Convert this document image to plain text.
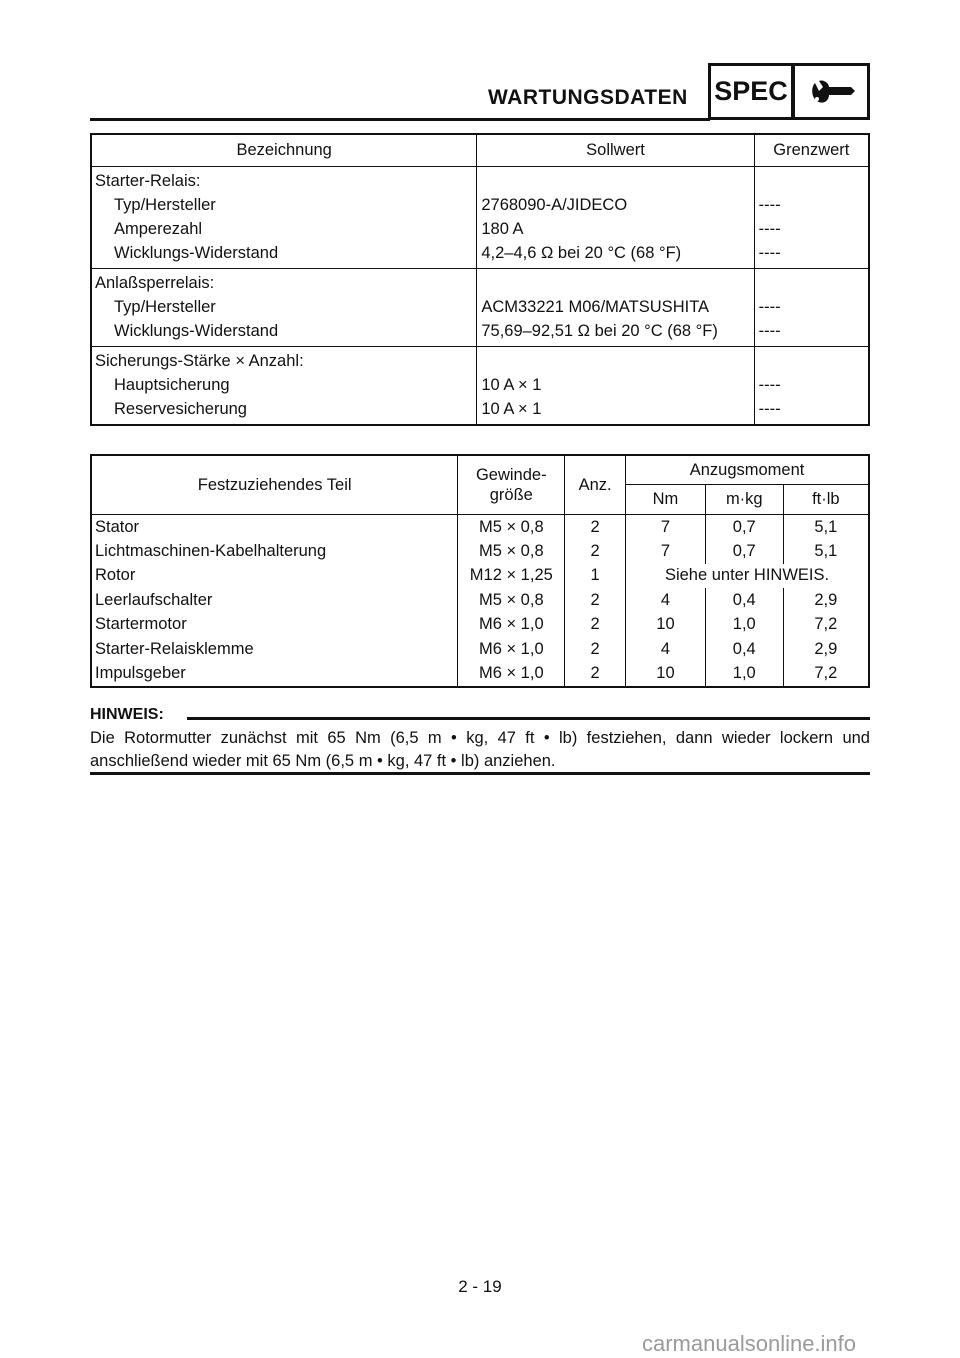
WARTUNGSDATEN SPEC
Bezeichnung	Sollwert	Grenzwert
Starter-Relais:		
Typ/Hersteller	2768090-A/JIDECO	----
Amperezahl	180 A	----
Wicklungs-Widerstand	4,2–4,6 Ω bei 20 °C (68 °F)	----
Anlaßsperrelais:		
Typ/Hersteller	ACM33221 M06/MATSUSHITA	----
Wicklungs-Widerstand	75,69–92,51 Ω bei 20 °C (68 °F)	----
Sicherungs-Stärke × Anzahl:		
Hauptsicherung	10 A × 1	----
Reservesicherung	10 A × 1	----
Festzuziehendes Teil	Gewinde-größe	Anz.	Anzugsmoment		
			Nm	m·kg	ft·lb
Stator	M5 × 0,8	2	7	0,7	5,1
Lichtmaschinen-Kabelhalterung	M5 × 0,8	2	7	0,7	5,1
Rotor	M12 × 1,25	1	Siehe unter HINWEIS.		
Leerlaufschalter	M5 × 0,8	2	4	0,4	2,9
Startermotor	M6 × 1,0	2	10	1,0	7,2
Starter-Relaisklemme	M6 × 1,0	2	4	0,4	2,9
Impulsgeber	M6 × 1,0	2	10	1,0	7,2
HINWEIS:
Die Rotormutter zunächst mit 65 Nm (6,5 m • kg, 47 ft • lb) festziehen, dann wieder lockern und anschließend wieder mit 65 Nm (6,5 m • kg, 47 ft • lb) anziehen.
2 - 19
carmanualsonline.info
